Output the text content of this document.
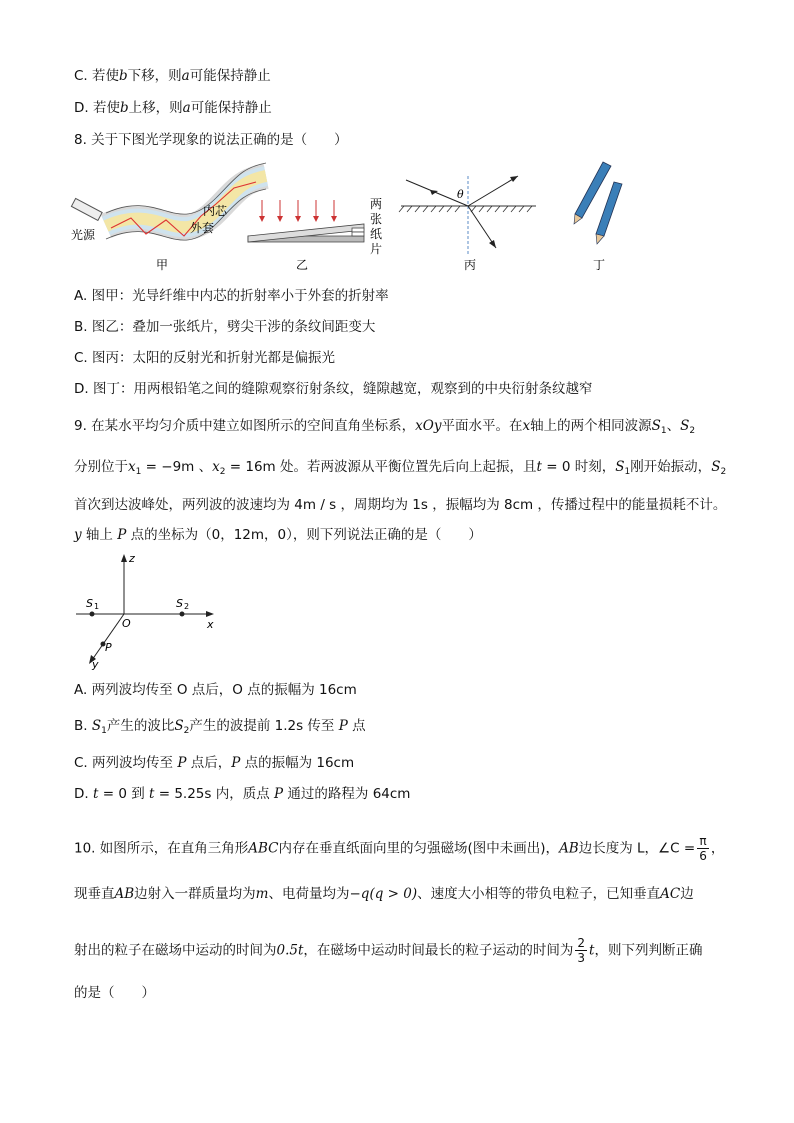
C. 若使b下移，则a可能保持静止
D. 若使b上移，则a可能保持静止
8. 关于下图光学现象的说法正确的是（　　）
光源
内芯
外套
甲
两
张
纸
片
乙
θ
丙	丁
A. 图甲：光导纤维中内芯的折射率小于外套的折射率
B. 图乙：叠加一张纸片，劈尖干涉的条纹间距变大
C. 图丙：太阳的反射光和折射光都是偏振光
D. 图丁：用两根铅笔之间的缝隙观察衍射条纹，缝隙越宽，观察到的中央衍射条纹越窄
9. 在某水平均匀介质中建立如图所示的空间直角坐标系，xOy平面水平。在x轴上的两个相同波源$S_1$、$S_2$
分别位于$x_1 = -9m$ 、$x_2 = 16m$ 处。若两波源从平衡位置先后向上起振，且t = 0 时刻，$S_1$刚开始振动，$S_2$
首次到达波峰处，两列波的波速均为 4m / s ，周期均为 1s ，振幅均为 8cm ，传播过程中的能量损耗不计。
y 轴上 P 点的坐标为（0，12m，0），则下列说法正确的是（　　）
z
x
y
O
P
S 1	S 2
A. 两列波均传至 O 点后，O 点的振幅为 16cm
B. $S_1$产生的波比$S_2$产生的波提前 1.2s 传至 P 点
C. 两列波均传至 P 点后，P 点的振幅为 16cm
D. t = 0 到 t = 5.25s 内，质点 P 通过的路程为 64cm
10. 如图所示，在直角三角形ABC内存在垂直纸面向里的匀强磁场(图中未画出)，AB边长度为 L，∠C = $\frac{\pi}{6}$ ，
现垂直AB边射入一群质量均为m、电荷量均为−q(q > 0)、速度大小相等的带负电粒子，已知垂直AC边
射出的粒子在磁场中运动的时间为0.5t，在磁场中运动时间最长的粒子运动的时间为 $\frac{2}{3}$ t，则下列判断正确
的是（　　）
